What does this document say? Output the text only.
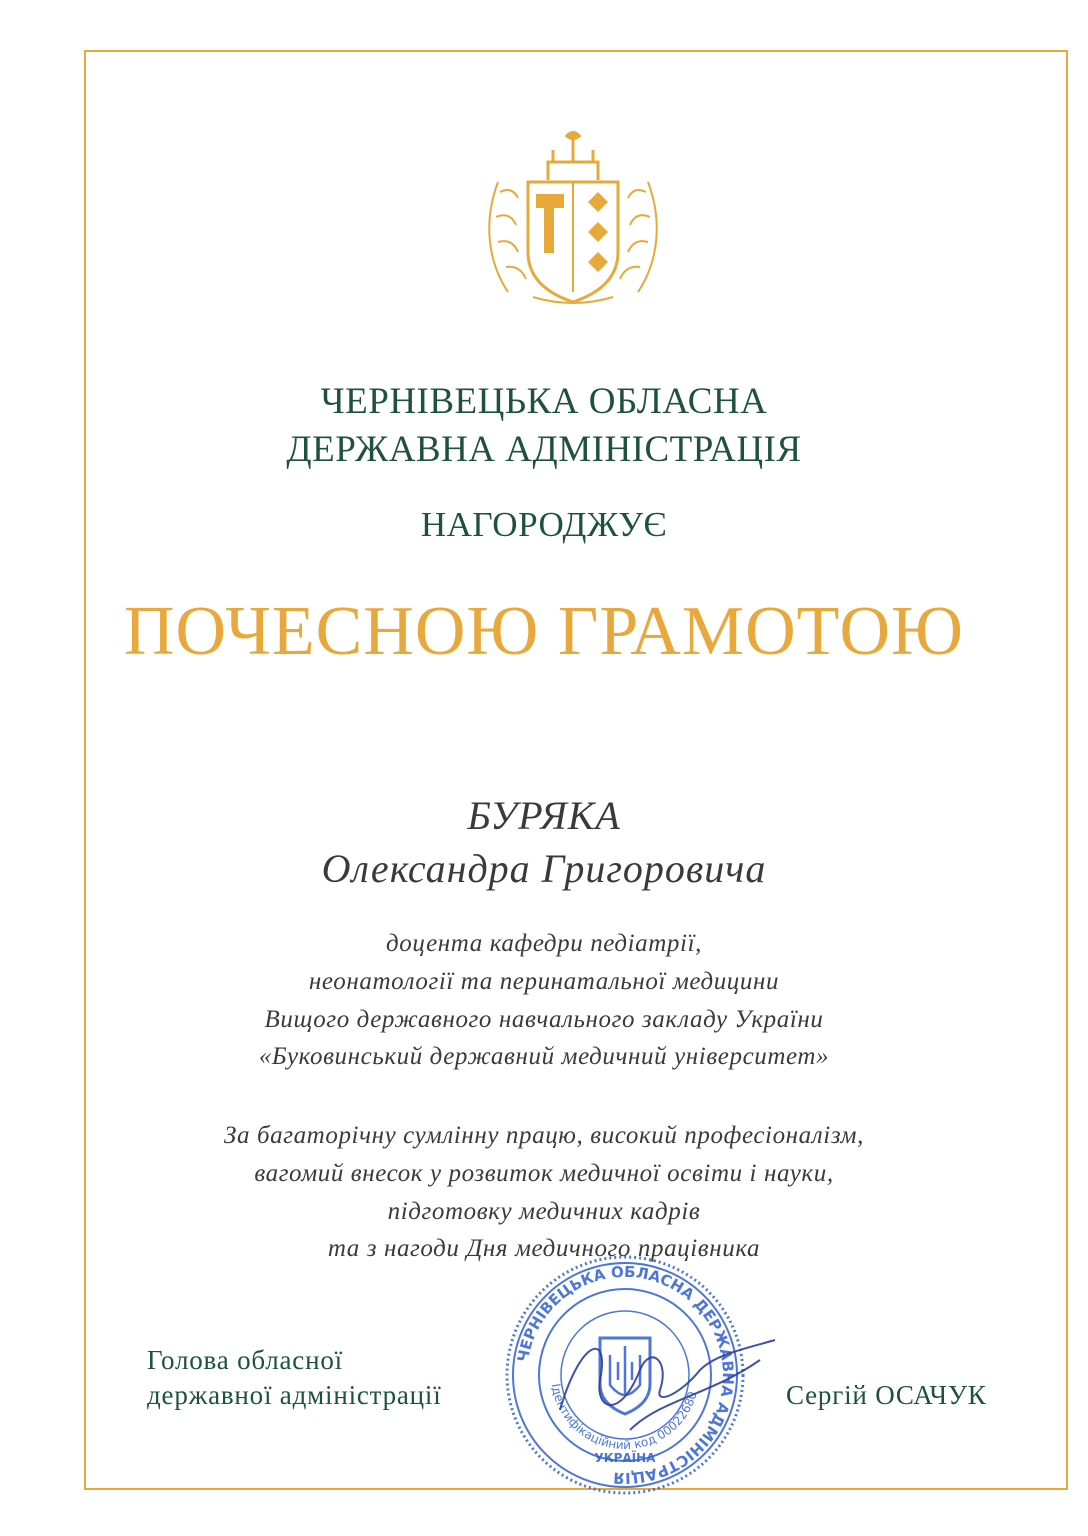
ЧЕРНІВЕЦЬКА ОБЛАСНА
ДЕРЖАВНА АДМІНІСТРАЦІЯ
НАГОРОДЖУЄ
ПОЧЕСНОЮ ГРАМОТОЮ
БУРЯКА
Олександра Григоровича
доцента кафедри педіатрії,
неонатології та перинатальної медицини
Вищого державного навчального закладу України
«Буковинський державний медичний університет»
За багаторічну сумлінну працю, високий професіоналізм,
вагомий внесок у розвиток медичної освіти і науки,
підготовку медичних кадрів
та з нагоди Дня медичного працівника
Голова обласної
державної адміністрації	Сергій ОСАЧУК
ЧЕРНІВЕЦЬКА ОБЛАСНА ДЕРЖАВНА АДМІНІСТРАЦІЯ
Ідентифікаційний код 00022680
УКРАЇНА
